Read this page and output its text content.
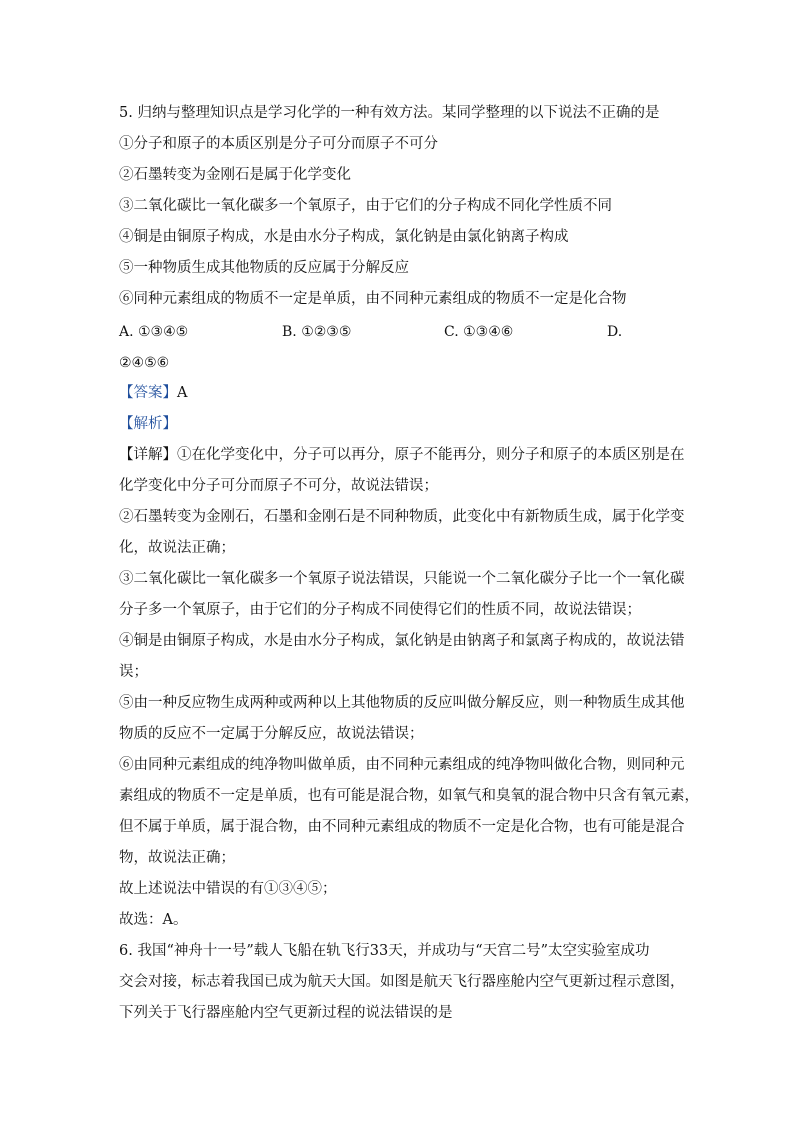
5. 归纳与整理知识点是学习化学的一种有效方法。某同学整理的以下说法不正确的是
①分子和原子的本质区别是分子可分而原子不可分
②石墨转变为金刚石是属于化学变化
③二氧化碳比一氧化碳多一个氧原子，由于它们的分子构成不同化学性质不同
④铜是由铜原子构成，水是由水分子构成，氯化钠是由氯化钠离子构成
⑤一种物质生成其他物质的反应属于分解反应
⑥同种元素组成的物质不一定是单质，由不同种元素组成的物质不一定是化合物
A. ①③④⑤	B. ①②③⑤	C. ①③④⑥	D.
②④⑤⑥
【答案】A
【解析】
【详解】①在化学变化中，分子可以再分，原子不能再分，则分子和原子的本质区别是在
化学变化中分子可分而原子不可分，故说法错误；
②石墨转变为金刚石，石墨和金刚石是不同种物质，此变化中有新物质生成，属于化学变
化，故说法正确；
③二氧化碳比一氧化碳多一个氧原子说法错误，只能说一个二氧化碳分子比一个一氧化碳
分子多一个氧原子，由于它们的分子构成不同使得它们的性质不同，故说法错误；
④铜是由铜原子构成，水是由水分子构成，氯化钠是由钠离子和氯离子构成的，故说法错
误；
⑤由一种反应物生成两种或两种以上其他物质的反应叫做分解反应，则一种物质生成其他
物质的反应不一定属于分解反应，故说法错误；
⑥由同种元素组成的纯净物叫做单质，由不同种元素组成的纯净物叫做化合物，则同种元
素组成的物质不一定是单质，也有可能是混合物，如氧气和臭氧的混合物中只含有氧元素，
但不属于单质，属于混合物，由不同种元素组成的物质不一定是化合物，也有可能是混合
物，故说法正确；
故上述说法中错误的有①③④⑤；
故选：A。
6. 我国“神舟十一号”载人飞船在轨飞行33天，并成功与“天宫二号”太空实验室成功
交会对接，标志着我国已成为航天大国。如图是航天飞行器座舱内空气更新过程示意图，
下列关于飞行器座舱内空气更新过程的说法错误的是
